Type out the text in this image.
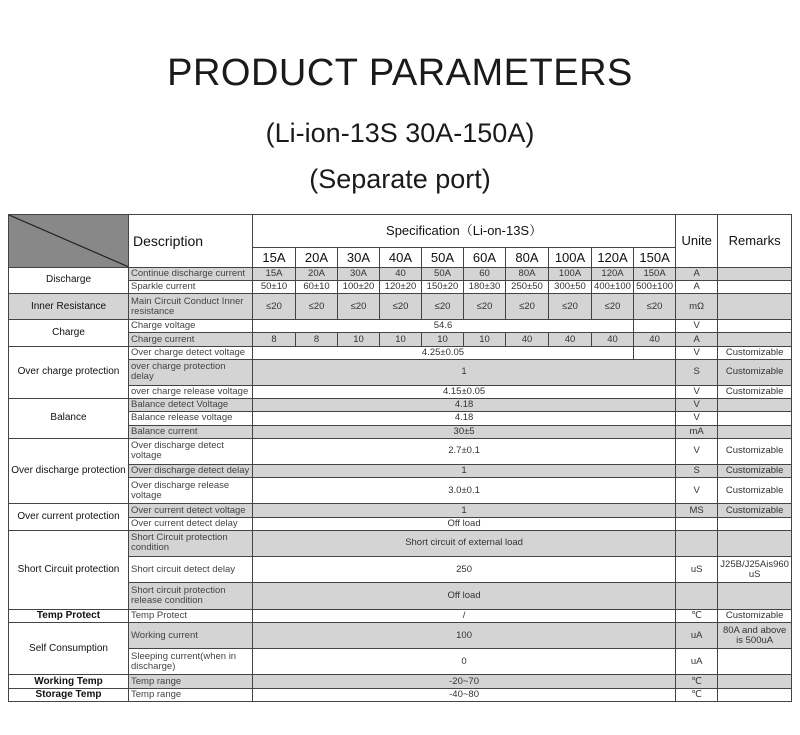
PRODUCT PARAMETERS
(Li-ion-13S 30A-150A)
(Separate port)
	Description	Specification（Li-on-13S）										Unite	Remarks
		15A	20A	30A	40A	50A	60A	80A	100A	120A	150A		
Discharge	Continue discharge current	15A	20A	30A	40	50A	60	80A	100A	120A	150A	A	
	Sparkle current	50±10	60±10	100±20	120±20	150±20	180±30	250±50	300±50	400±100	500±100	A	
Inner Resistance	Main Circuit Conduct Inner resistance	≤20	≤20	≤20	≤20	≤20	≤20	≤20	≤20	≤20	≤20	mΩ	
Charge	Charge voltage	54.6										V	
	Charge current	8	8	10	10	10	10	40	40	40	40	A	
Over charge protection	Over charge detect voltage	4.25±0.05										V	Customizable
	over charge protection delay	1										S	Customizable
	over charge release voltage	4.15±0.05										V	Customizable
Balance	Balance detect Voltage	4.18										V	
	Balance release voltage	4.18										V	
	Balance current	30±5										mA	
Over discharge protection	Over discharge detect voltage	2.7±0.1										V	Customizable
	Over discharge detect delay	1										S	Customizable
	Over discharge release voltage	3.0±0.1										V	Customizable
Over current protection	Over current detect voltage	1										MS	Customizable
	Over current detect delay	Off load											
Short Circuit protection	Short Circuit protection condition	Short circuit of external load											
	Short circuit detect delay	250										uS	J25B/J25Ais960 uS
	Short circuit protection release condition	Off load											
Temp Protect	Temp Protect	/										℃	Customizable
Self Consumption	Working current	100										uA	80A and above is 500uA
	Sleeping current(when in discharge)	0										uA	
Working Temp	Temp range	-20~70										℃	
Storage Temp	Temp range	-40~80										℃	
